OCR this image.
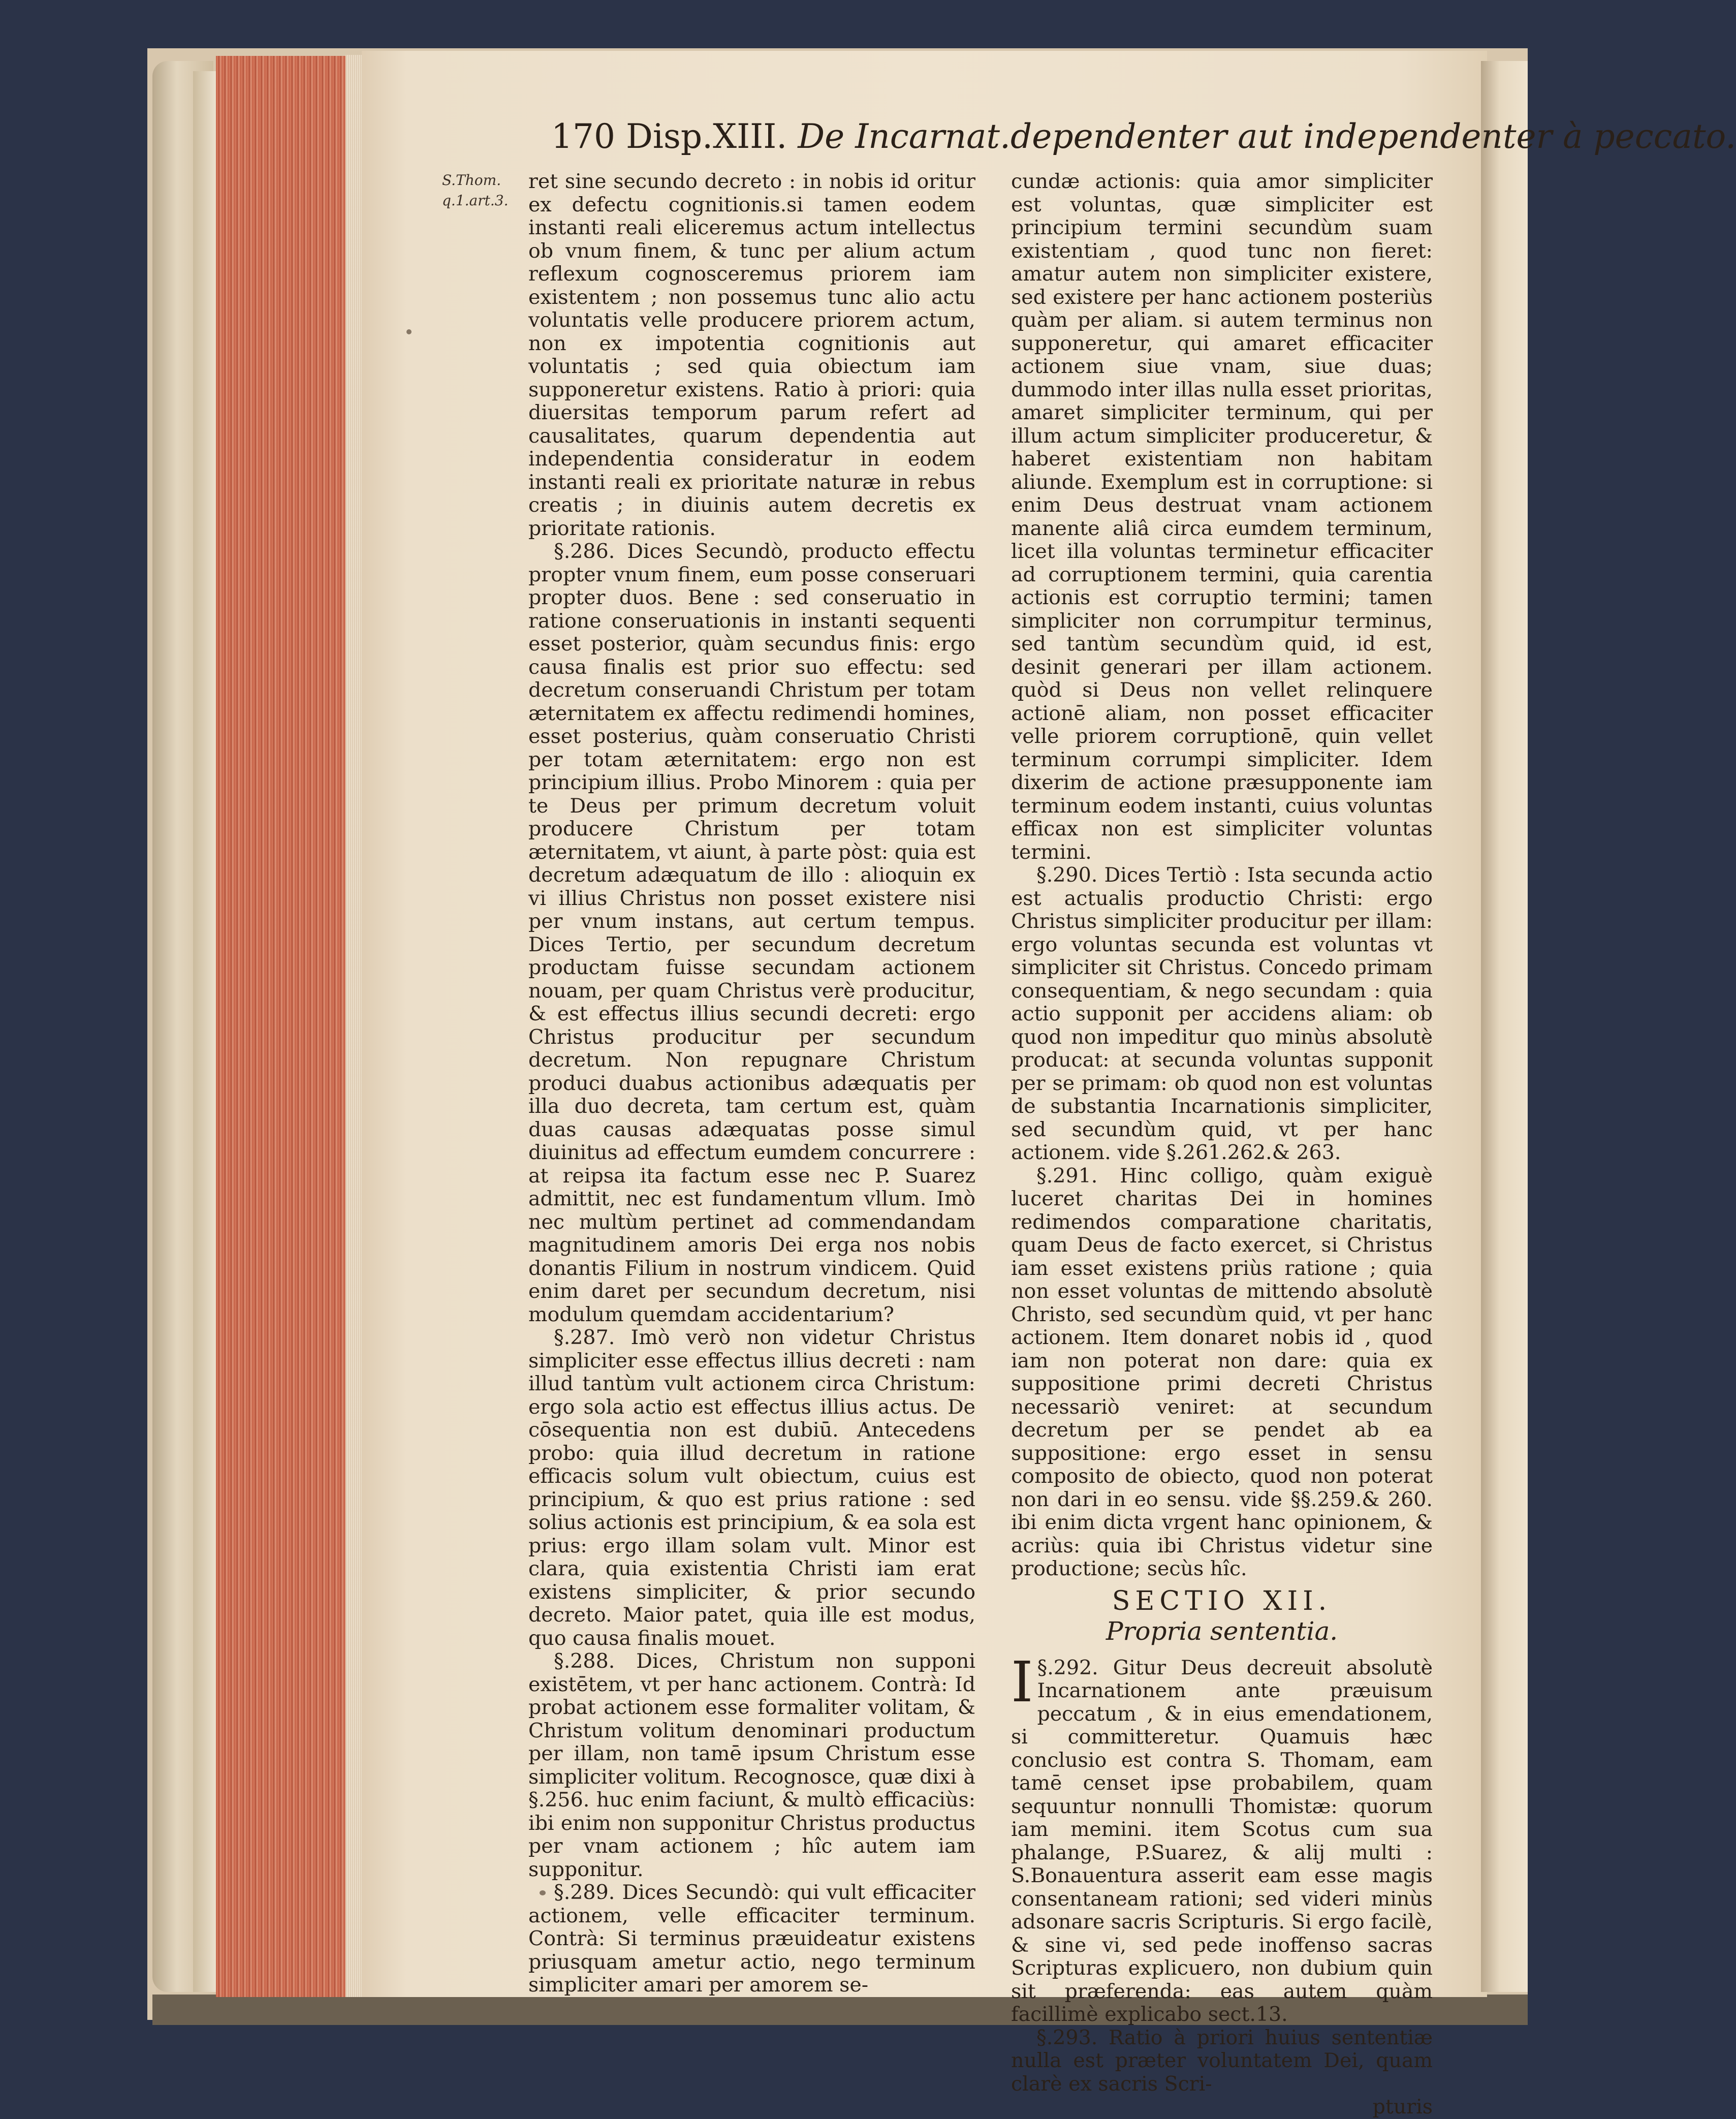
170 Disp.XIII. De Incarnat.dependenter aut independenter à peccato.
S.Thom.
q.1.art.3.

ret sine secundo decreto : in nobis id oritur ex defectu cognitionis.si tamen eodem instanti reali eliceremus actum intellectus ob vnum finem, & tunc per alium actum reflexum cognosceremus priorem iam existentem ; non possemus tunc alio actu voluntatis velle producere priorem actum, non ex impotentia cognitionis aut voluntatis ; sed quia obiectum iam supponeretur existens. Ratio à priori: quia diuersitas temporum parum refert ad causalitates, quarum dependentia aut independentia consideratur in eodem instanti reali ex prioritate naturæ in rebus creatis ; in diuinis autem decretis ex prioritate rationis.

§.286. Dices Secundò, producto effectu propter vnum finem, eum posse conseruari propter duos. Bene : sed conseruatio in ratione conseruationis in instanti sequenti esset posterior, quàm secundus finis: ergo causa finalis est prior suo effectu: sed decretum conseruandi Christum per totam æternitatem ex affectu redimendi homines, esset posterius, quàm conseruatio Christi per totam æternitatem: ergo non est principium illius. Probo Minorem : quia per te Deus per primum decretum voluit producere Christum per totam æternitatem, vt aiunt, à parte pòst: quia est decretum adæquatum de illo : alioquin ex vi illius Christus non posset existere nisi per vnum instans, aut certum tempus. Dices Tertio, per secundum decretum productam fuisse secundam actionem nouam, per quam Christus verè producitur, & est effectus illius secundi decreti: ergo Christus producitur per secundum decretum. Non repugnare Christum produci duabus actionibus adæquatis per illa duo decreta, tam certum est, quàm duas causas adæquatas posse simul diuinitus ad effectum eumdem concurrere : at reipsa ita factum esse nec P. Suarez admittit, nec est fundamentum vllum. Imò nec multùm pertinet ad commendandam magnitudinem amoris Dei erga nos nobis donantis Filium in nostrum vindicem. Quid enim daret per secundum decretum, nisi modulum quemdam accidentarium?

§.287. Imò verò non videtur Christus simpliciter esse effectus illius decreti : nam illud tantùm vult actionem circa Christum: ergo sola actio est effectus illius actus. De cōsequentia non est dubiū. Antecedens probo: quia illud decretum in ratione efficacis solum vult obiectum, cuius est principium, & quo est prius ratione : sed solius actionis est principium, & ea sola est prius: ergo illam solam vult. Minor est clara, quia existentia Christi iam erat existens simpliciter, & prior secundo decreto. Maior patet, quia ille est modus, quo causa finalis mouet.

§.288. Dices, Christum non supponi existētem, vt per hanc actionem. Contrà: Id probat actionem esse formaliter volitam, & Christum volitum denominari productum per illam, non tamē ipsum Christum esse simpliciter volitum. Recognosce, quæ dixi à §.256. huc enim faciunt, & multò efficaciùs: ibi enim non supponitur Christus productus per vnam actionem ; hîc autem iam supponitur.

§.289. Dices Secundò: qui vult efficaciter actionem, velle efficaciter terminum. Contrà: Si terminus præuideatur existens priusquam ametur actio, nego terminum simpliciter amari per amorem se-

cundæ actionis: quia amor simpliciter est voluntas, quæ simpliciter est principium termini secundùm suam existentiam , quod tunc non fieret: amatur autem non simpliciter existere, sed existere per hanc actionem posteriùs quàm per aliam. si autem terminus non supponeretur, qui amaret efficaciter actionem siue vnam, siue duas; dummodo inter illas nulla esset prioritas, amaret simpliciter terminum, qui per illum actum simpliciter produceretur, & haberet existentiam non habitam aliunde. Exemplum est in corruptione: si enim Deus destruat vnam actionem manente aliâ circa eumdem terminum, licet illa voluntas terminetur efficaciter ad corruptionem termini, quia carentia actionis est corruptio termini; tamen simpliciter non corrumpitur terminus, sed tantùm secundùm quid, id est, desinit generari per illam actionem. quòd si Deus non vellet relinquere actionē aliam, non posset efficaciter velle priorem corruptionē, quin vellet terminum corrumpi simpliciter. Idem dixerim de actione præsupponente iam terminum eodem instanti, cuius voluntas efficax non est simpliciter voluntas termini.

§.290. Dices Tertiò : Ista secunda actio est actualis productio Christi: ergo Christus simpliciter producitur per illam: ergo voluntas secunda est voluntas vt simpliciter sit Christus. Concedo primam consequentiam, & nego secundam : quia actio supponit per accidens aliam: ob quod non impeditur quo minùs absolutè producat: at secunda voluntas supponit per se primam: ob quod non est voluntas de substantia Incarnationis simpliciter, sed secundùm quid, vt per hanc actionem. vide §.261.262.& 263.

§.291. Hinc colligo, quàm exiguè luceret charitas Dei in homines redimendos comparatione charitatis, quam Deus de facto exercet, si Christus iam esset existens priùs ratione ; quia non esset voluntas de mittendo absolutè Christo, sed secundùm quid, vt per hanc actionem. Item donaret nobis id , quod iam non poterat non dare: quia ex suppositione primi decreti Christus necessariò veniret: at secundum decretum per se pendet ab ea suppositione: ergo esset in sensu composito de obiecto, quod non poterat non dari in eo sensu. vide §§.259.& 260. ibi enim dicta vrgent hanc opinionem, & acriùs: quia ibi Christus videtur sine productione; secùs hîc.

SECTIO XII.
Propria sententia.

§.292.
I	Gitur Deus decreuit absolutè Incarnationem ante præuisum peccatum , & in eius emendationem, si committeretur. Quamuis hæc conclusio est contra S. Thomam, eam tamē censet ipse probabilem, quam sequuntur nonnulli Thomistæ: quorum iam memini. item Scotus cum sua phalange, P.Suarez, & alij multi : S.Bonauentura asserit eam esse magis consentaneam rationi; sed videri minùs adsonare sacris Scripturis. Si ergo facilè, & sine vi, sed pede inoffenso sacras Scripturas explicuero, non dubium quin sit præferenda: eas autem quàm facillimè explicabo sect.13.

§.293. Ratio à priori huius sententiæ nulla est præter voluntatem Dei, quam clarè ex sacris Scri-

pturis
